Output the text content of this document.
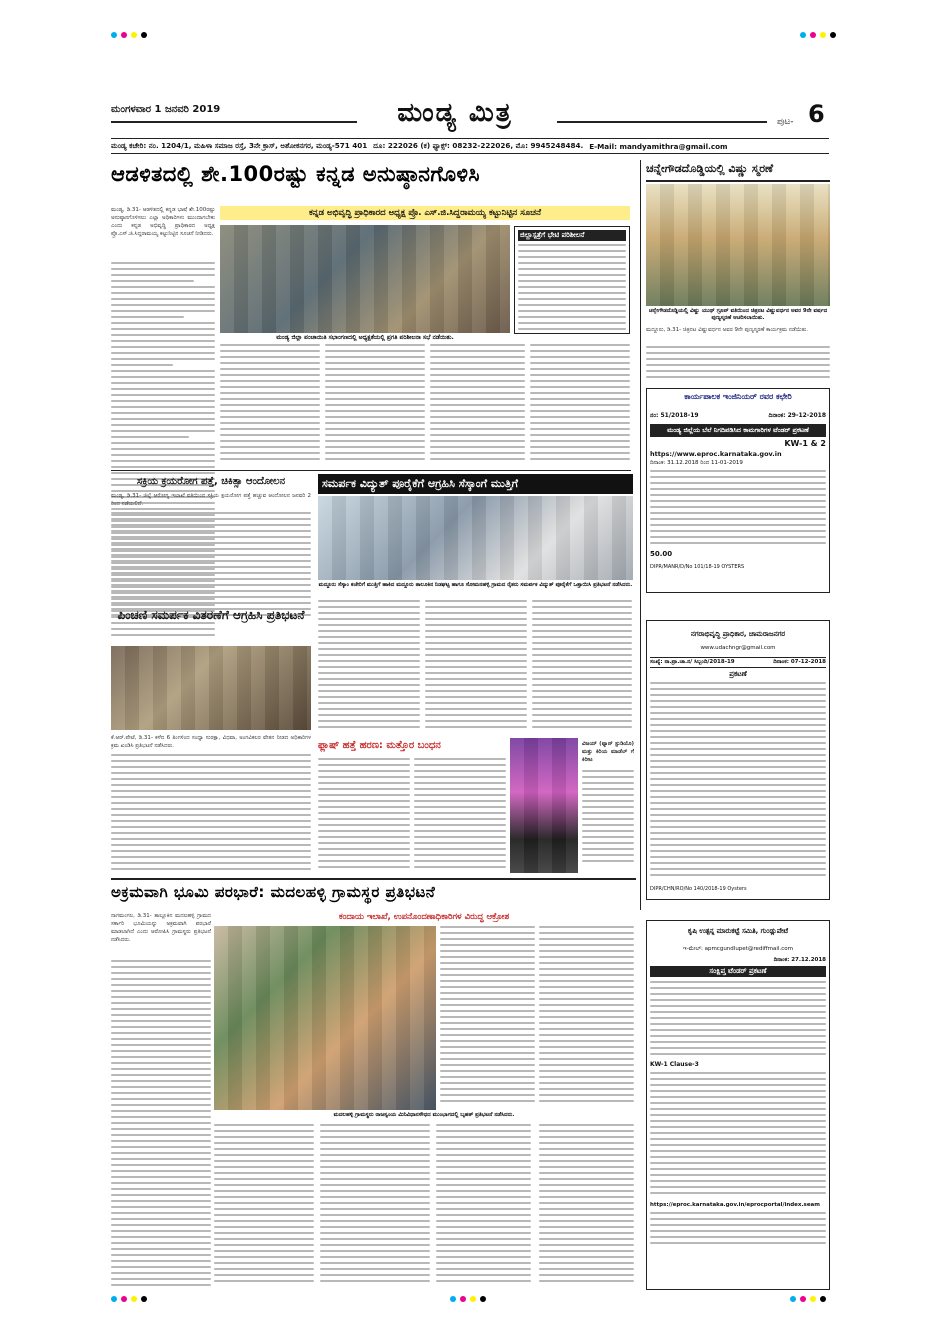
ಮಂಗಳವಾರ 1 ಜನವರಿ 2019	ಮಂಡ್ಯ ಮಿತ್ರ	ಪುಟ- 6
ಮಂಡ್ಯ ಕಚೇರಿ: ನಂ. 1204/1, ಮಹಿಳಾ ಸಮಾಜ ರಸ್ತೆ, 3ನೇ ಕ್ರಾಸ್, ಅಶೋಕನಗರ, ಮಂಡ್ಯ-571 401 ದೂ: 222026 (ಕ) ಫ್ಯಾಕ್ಸ್: 08232-222026, ಮೊ: 9945248484. E-Mail: mandyamithra@gmail.com
ಆಡಳಿತದಲ್ಲಿ ಶೇ.100ರಷ್ಟು ಕನ್ನಡ ಅನುಷ್ಠಾನಗೊಳಿಸಿ
ಕನ್ನಡ ಅಭಿವೃದ್ಧಿ ಪ್ರಾಧಿಕಾರದ ಅಧ್ಯಕ್ಷ ಪ್ರೊ. ಎಸ್.ಜಿ.ಸಿದ್ದರಾಮಯ್ಯ ಕಟ್ಟುನಿಟ್ಟಿನ ಸೂಚನೆ
ಮಂಡ್ಯ, ಡಿ.31- ಆಡಳಿತದಲ್ಲಿ ಕನ್ನಡ ಭಾಷೆ ಶೇ.100ರಷ್ಟು ಅನುಷ್ಠಾನಗೊಳಿಸಲು ಎಲ್ಲಾ ಅಧಿಕಾರಿಗಳು ಮುಂದಾಗಬೇಕು ಎಂದು ಕನ್ನಡ ಅಭಿವೃದ್ಧಿ ಪ್ರಾಧಿಕಾರದ ಅಧ್ಯಕ್ಷ ಪ್ರೊ.ಎಸ್.ಜಿ.ಸಿದ್ದರಾಮಯ್ಯ ಕಟ್ಟುನಿಟ್ಟಿನ ಸೂಚನೆ ನೀಡಿದರು.
ಮಂಡ್ಯ ಜಿಲ್ಲಾ ಪಂಚಾಯಿತಿ ಸಭಾಂಗಣದಲ್ಲಿ ಅಧ್ಯಕ್ಷತೆಯಲ್ಲಿ ಪ್ರಗತಿ ಪರಿಶೀಲನಾ ಸಭೆ ನಡೆಯಿತು.
ಜಿಲ್ಲಾಸ್ಪತ್ರೆಗೆ ಭೇಟಿ ಪರಿಶೀಲನೆ
ಚನ್ನೇಗೌಡದೊಡ್ಡಿಯಲ್ಲಿ ವಿಷ್ಣು ಸ್ಮರಣೆ
ಚನ್ನೇಗೌಡದೊಡ್ಡಿಯಲ್ಲಿ ವಿಷ್ಣು ಯುಥ್ ಗ್ರೂಪ್ ವತಿಯಿಂದ ಚಿತ್ರನಟ ವಿಷ್ಣುವರ್ಧನ ಅವರ 9ನೇ ವರ್ಷದ ಪುಣ್ಯಸ್ಮರಣೆ ಆಚರಿಸಲಾಯಿತು.
ಮದ್ದೂರು, ಡಿ.31- ಚಿತ್ರನಟ ವಿಷ್ಣುವರ್ಧನ ಅವರ 9ನೇ ಪುಣ್ಯಸ್ಮರಣೆ ಕಾರ್ಯಕ್ರಮ ನಡೆಯಿತು.
ಕಾರ್ಯಪಾಲಕ ಇಂಜಿನಿಯರ್ ರವರ ಕಛೇರಿ
ನಂ: 51/2018-19	ದಿನಾಂಕ: 29-12-2018
ಮಂಡ್ಯ ಜಿಲ್ಲೆಯ ಬೆಲೆ ನಿಗದಿಪಡಿಸಿದ ಕಾಮಗಾರಿಗಳ ಟೆಂಡರ್ ಪ್ರಕಟಣೆ
KW-1 & 2
https://www.eproc.karnataka.gov.in
ದಿನಾಂಕ: 31.12.2018 ರಿಂದ 11-01-2019
50.00
DIPR/MANR/D/No 101/18-19 OYSTERS
ಸಕ್ರಿಯ ಕ್ರಯರೋಗ ಪತ್ತೆ, ಚಿಕಿತ್ಸಾ ಆಂದೋಲನ
ಮಂಡ್ಯ, ಡಿ.31- ಜಿಲ್ಲೆ ಆರೋಗ್ಯ ಇಲಾಖೆ ವತಿಯಿಂದ ಸಕ್ರಿಯ ಕ್ಷಯರೋಗ ಪತ್ತೆ ಹಚ್ಚುವ ಆಂದೋಲನ ಜನವರಿ 2 ರಿಂದ ನಡೆಯಲಿದೆ.
ಸಮರ್ಪಕ ವಿದ್ಯುತ್ ಪೂರೈಕೆಗೆ ಆಗ್ರಹಿಸಿ ಸೆಸ್ಕಾಂಗೆ ಮುತ್ತಿಗೆ
ಮದ್ದೂರು ಸೆಸ್ಕಾಂ ಕಚೇರಿಗೆ ಮುತ್ತಿಗೆ ಹಾಕಿದ ಮದ್ದೂರು ತಾಲೂಕಿನ ನಿಡಘಟ್ಟ ಹಾಗೂ ಸೋಮನಹಳ್ಳಿ ಗ್ರಾಮದ ರೈತರು ಸಮರ್ಪಕ ವಿದ್ಯುತ್ ಪೂರೈಕೆಗೆ ಒತ್ತಾಯಿಸಿ ಪ್ರತಿಭಟನೆ ನಡೆಸಿದರು.
ಪಿಂಚಣಿ ಸಮರ್ಪಕ ವಿತರಣೆಗೆ ಆಗ್ರಹಿಸಿ ಪ್ರತಿಭಟನೆ
ಕೆ.ಆರ್.ಪೇಟೆ, ಡಿ.31- ಕಳೆದ 6 ತಿಂಗಳಿಂದ ಸಂಧ್ಯಾ ಸುರಕ್ಷಾ, ವಿಧವಾ, ಅಂಗವಿಕಲರ ವೇತನ ನೀಡದ ಅಧಿಕಾರಿಗಳ ಕ್ರಮ ಖಂಡಿಸಿ ಪ್ರತಿಭಟನೆ ನಡೆಸಿದರು.	ಫ್ಲಾಷ್ ಹತ್ತೆ ಹರಣ: ಮತ್ತೊರ ಬಂಧನ	ವಿಜಯ್ (ಫ್ಯಾನ್ ಸ್ಟುಡಿಯೊ) ಮತ್ತು ಕಿರಿಯ ಮಾಡೆಲ್ ಗೆ ಕಿರೀಟ
ನಗರಾಭಿವೃದ್ಧಿ ಪ್ರಾಧಿಕಾರ, ಚಾಮರಾಜನಗರ
www.udachngr@gmail.com
ಸಂಖ್ಯೆ: ನಾ.ಪ್ರಾ.ಚಾ.ನ/ ಸಿಬ್ಬಂದಿ/2018-19	ದಿನಾಂಕ: 07-12-2018
ಪ್ರಕಟಣೆ
DIPR/CHN/RO/No 140/2018-19 Oysters
ಅಕ್ರಮವಾಗಿ ಭೂಮಿ ಪರಭಾರೆ: ಮದಲಹಳ್ಳಿ ಗ್ರಾಮಸ್ಥರ ಪ್ರತಿಭಟನೆ
ಕಂದಾಯ ಇಲಾಖೆ, ಉಪನೊಂದಣಾಧಿಕಾರಿಗಳ ವಿರುದ್ಧ ಆಕ್ರೋಶ
ನಾಗಮಂಗಲ, ಡಿ.31- ತಾಲ್ಲೂಕಿನ ಮದಲಹಳ್ಳಿ ಗ್ರಾಮದ ಸರ್ಕಾರಿ ಭೂಮಿಯನ್ನು ಅಕ್ರಮವಾಗಿ ಪರಭಾರೆ ಮಾಡಲಾಗಿದೆ ಎಂದು ಆರೋಪಿಸಿ ಗ್ರಾಮಸ್ಥರು ಪ್ರತಿಭಟನೆ ನಡೆಸಿದರು.
ಮದಲಹಳ್ಳಿ ಗ್ರಾಮಸ್ಥರು ರಾಜಸ್ವಂಯ ಮಿನಿವಿಧಾನಸೌಧದ ಮುಂಭಾಗದಲ್ಲಿ ಬೃಹತ್ ಪ್ರತಿಭಟನೆ ನಡೆಸಿದರು.
ಕೃಷಿ ಉತ್ಪನ್ನ ಮಾರುಕಟ್ಟೆ ಸಮಿತಿ, ಗುಂಡ್ಲುಪೇಟೆ
ಇ-ಮೇಲ್: apmcgundlupet@rediffmail.com
ದಿನಾಂಕ: 27.12.2018
ಸಂಕ್ಷಿಪ್ತ ಟೆಂಡರ್ ಪ್ರಕಟಣೆ
KW-1 Clause-3
https://eproc.karnataka.gov.in/eprocportal/index.seam
